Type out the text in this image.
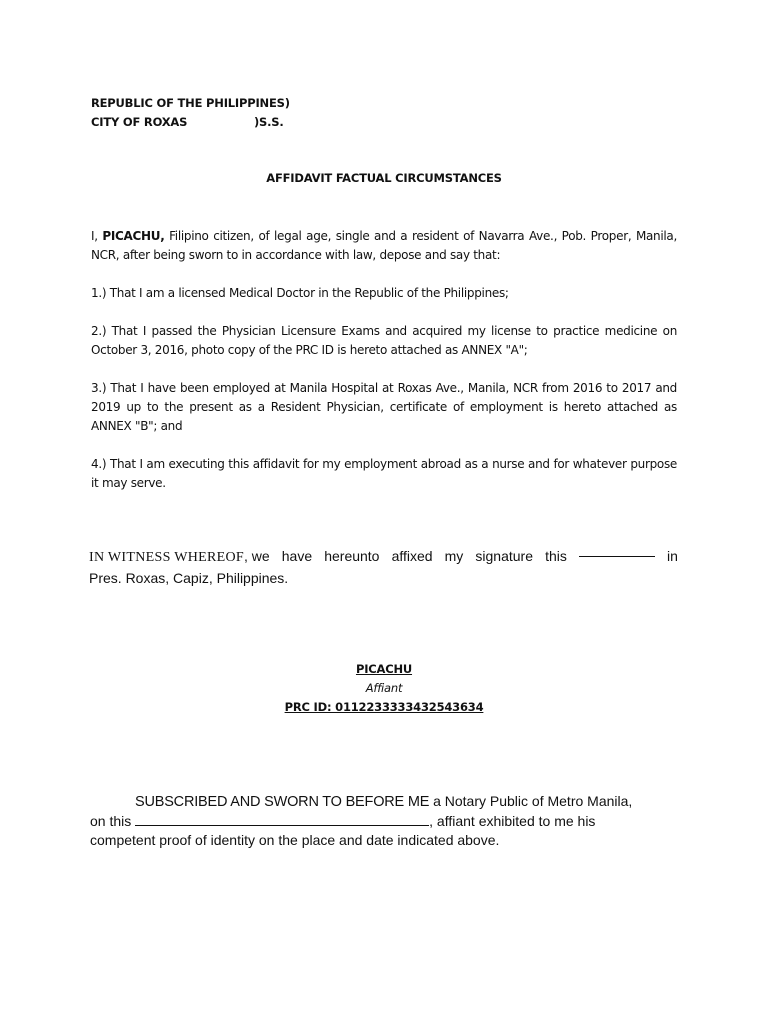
REPUBLIC OF THE PHILIPPINES)
CITY OF ROXAS	)S.S.
AFFIDAVIT FACTUAL CIRCUMSTANCES
I, PICACHU, Filipino citizen, of legal age, single and a resident of Navarra Ave., Pob. Proper, Manila, NCR, after being sworn to in accordance with law, depose and say that:
1.) That I am a licensed Medical Doctor in the Republic of the Philippines;
2.) That I passed the Physician Licensure Exams and acquired my license to practice medicine on October 3, 2016, photo copy of the PRC ID is hereto attached as ANNEX "A";
3.) That I have been employed at Manila Hospital at Roxas Ave., Manila, NCR from 2016 to 2017 and 2019 up to the present as a Resident Physician, certificate of employment is hereto attached as ANNEX "B"; and
4.) That I am executing this affidavit for my employment abroad as a nurse and for whatever purpose it may serve.
IN WITNESS WHEREOF, we have hereunto affixed my signature this	in
Pres. Roxas, Capiz, Philippines.
PICACHU
Affiant
PRC ID: 0112233333432543634
SUBSCRIBED AND SWORN TO BEFORE ME a Notary Public of Metro Manila,
on this	, affiant exhibited to me his
competent proof of identity on the place and date indicated above.
